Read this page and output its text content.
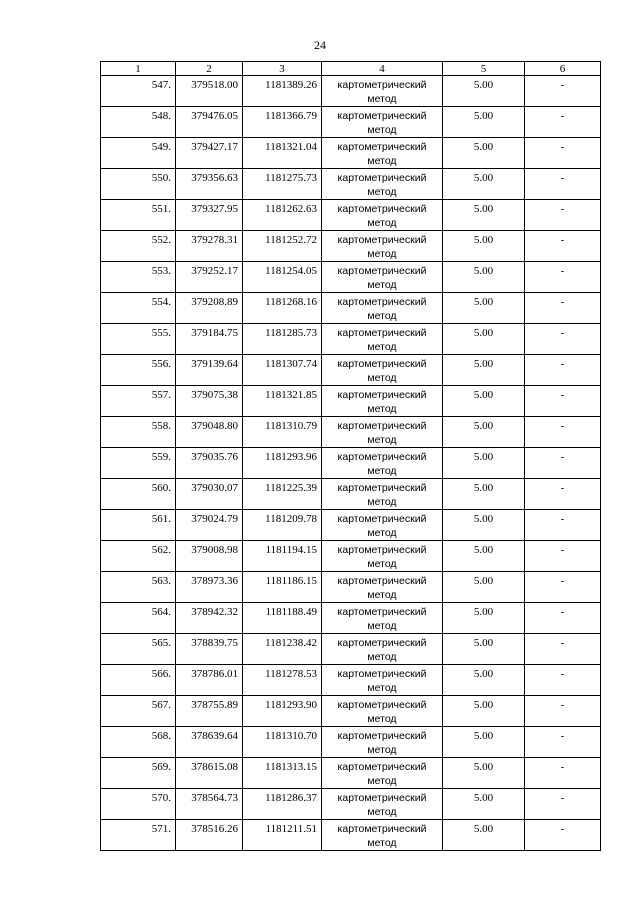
24
1	2	3	4	5	6
547.	379518.00	1181389.26	картометрический метод	5.00	-
548.	379476.05	1181366.79	картометрический метод	5.00	-
549.	379427.17	1181321.04	картометрический метод	5.00	-
550.	379356.63	1181275.73	картометрический метод	5.00	-
551.	379327.95	1181262.63	картометрический метод	5.00	-
552.	379278.31	1181252.72	картометрический метод	5.00	-
553.	379252.17	1181254.05	картометрический метод	5.00	-
554.	379208.89	1181268.16	картометрический метод	5.00	-
555.	379184.75	1181285.73	картометрический метод	5.00	-
556.	379139.64	1181307.74	картометрический метод	5.00	-
557.	379075.38	1181321.85	картометрический метод	5.00	-
558.	379048.80	1181310.79	картометрический метод	5.00	-
559.	379035.76	1181293.96	картометрический метод	5.00	-
560.	379030.07	1181225.39	картометрический метод	5.00	-
561.	379024.79	1181209.78	картометрический метод	5.00	-
562.	379008.98	1181194.15	картометрический метод	5.00	-
563.	378973.36	1181186.15	картометрический метод	5.00	-
564.	378942.32	1181188.49	картометрический метод	5.00	-
565.	378839.75	1181238.42	картометрический метод	5.00	-
566.	378786.01	1181278.53	картометрический метод	5.00	-
567.	378755.89	1181293.90	картометрический метод	5.00	-
568.	378639.64	1181310.70	картометрический метод	5.00	-
569.	378615.08	1181313.15	картометрический метод	5.00	-
570.	378564.73	1181286.37	картометрический метод	5.00	-
571.	378516.26	1181211.51	картометрический метод	5.00	-
